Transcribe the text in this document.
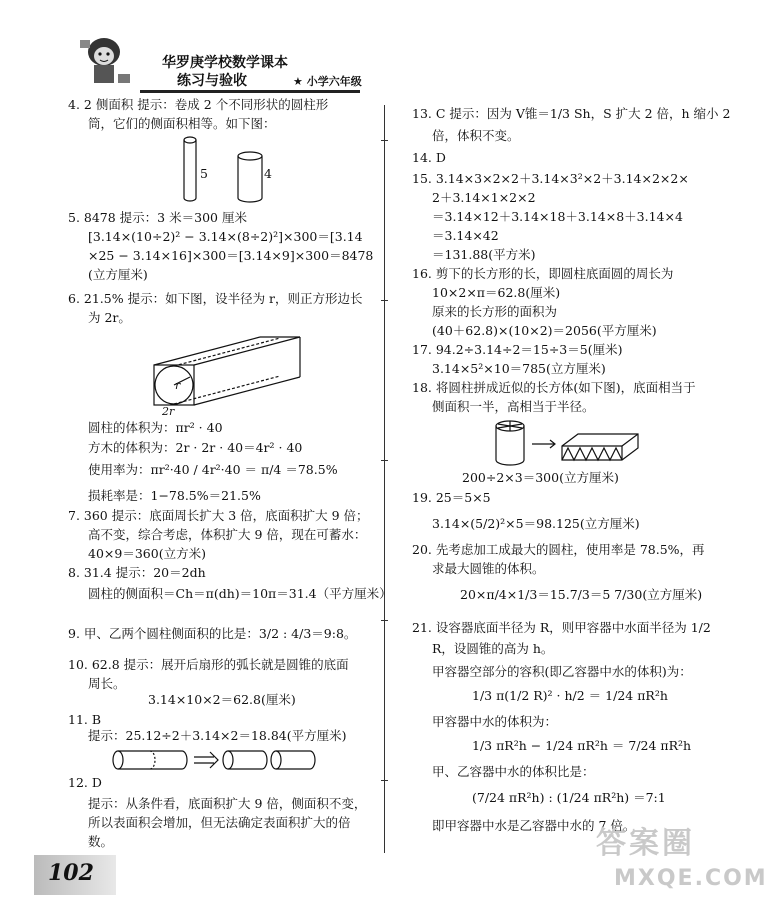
华罗庚学校数学课本
练习与验收	★ 小学六年级
4. 2 侧面积 提示：卷成 2 个不同形状的圆柱形
筒，它们的侧面积相等。如下图：
5	4
5. 8478 提示：3 米＝300 厘米
[3.14×(10÷2)² − 3.14×(8÷2)²]×300＝[3.14
×25 − 3.14×16]×300＝[3.14×9]×300＝8478
(立方厘米)
6. 21.5% 提示：如下图，设半径为 r，则正方形边长
为 2r。
r
2r
圆柱的体积为：πr² · 40
方木的体积为：2r · 2r · 40＝4r² · 40
使用率为：πr²·40 / 4r²·40 ＝ π/4 ＝78.5%
损耗率是：1−78.5%＝21.5%
7. 360 提示：底面周长扩大 3 倍，底面积扩大 9 倍；
高不变，综合考虑，体积扩大 9 倍，现在可蓄水：
40×9＝360(立方米)
8. 31.4 提示：20＝2dh
圆柱的侧面积＝Ch＝π(dh)＝10π＝31.4（平方厘米）
9. 甲、乙两个圆柱侧面积的比是：3/2 : 4/3＝9:8。
10. 62.8 提示：展开后扇形的弧长就是圆锥的底面
周长。
3.14×10×2＝62.8(厘米)
11. B
提示：25.12÷2＋3.14×2＝18.84(平方厘米)
12. D
提示：从条件看，底面积扩大 9 倍，侧面积不变，
所以表面积会增加，但无法确定表面积扩大的倍
数。
13. C 提示：因为 V锥＝1/3 Sh，S 扩大 2 倍，h 缩小 2
倍，体积不变。
14. D
15. 3.14×3×2×2＋3.14×3²×2＋3.14×2×2×
2＋3.14×1×2×2
＝3.14×12＋3.14×18＋3.14×8＋3.14×4
＝3.14×42
＝131.88(平方米)
16. 剪下的长方形的长，即圆柱底面圆的周长为
10×2×π＝62.8(厘米)
原来的长方形的面积为
(40＋62.8)×(10×2)＝2056(平方厘米)
17. 94.2÷3.14÷2＝15÷3＝5(厘米)
3.14×5²×10＝785(立方厘米)
18. 将圆柱拼成近似的长方体(如下图)，底面相当于
侧面积一半，高相当于半径。
200÷2×3＝300(立方厘米)
19. 25＝5×5
3.14×(5/2)²×5＝98.125(立方厘米)
20. 先考虑加工成最大的圆柱，使用率是 78.5%，再
求最大圆锥的体积。
20×π/4×1/3＝15.7/3＝5 7/30(立方厘米)
21. 设容器底面半径为 R，则甲容器中水面半径为 1/2
R，设圆锥的高为 h。
甲容器空部分的容积(即乙容器中水的体积)为：
1/3 π(1/2 R)² · h/2 ＝ 1/24 πR²h
甲容器中水的体积为：
1/3 πR²h − 1/24 πR²h ＝ 7/24 πR²h
甲、乙容器中水的体积比是：
(7/24 πR²h) : (1/24 πR²h) ＝7:1
即甲容器中水是乙容器中水的 7 倍。
102
答案圈
MXQE.COM
